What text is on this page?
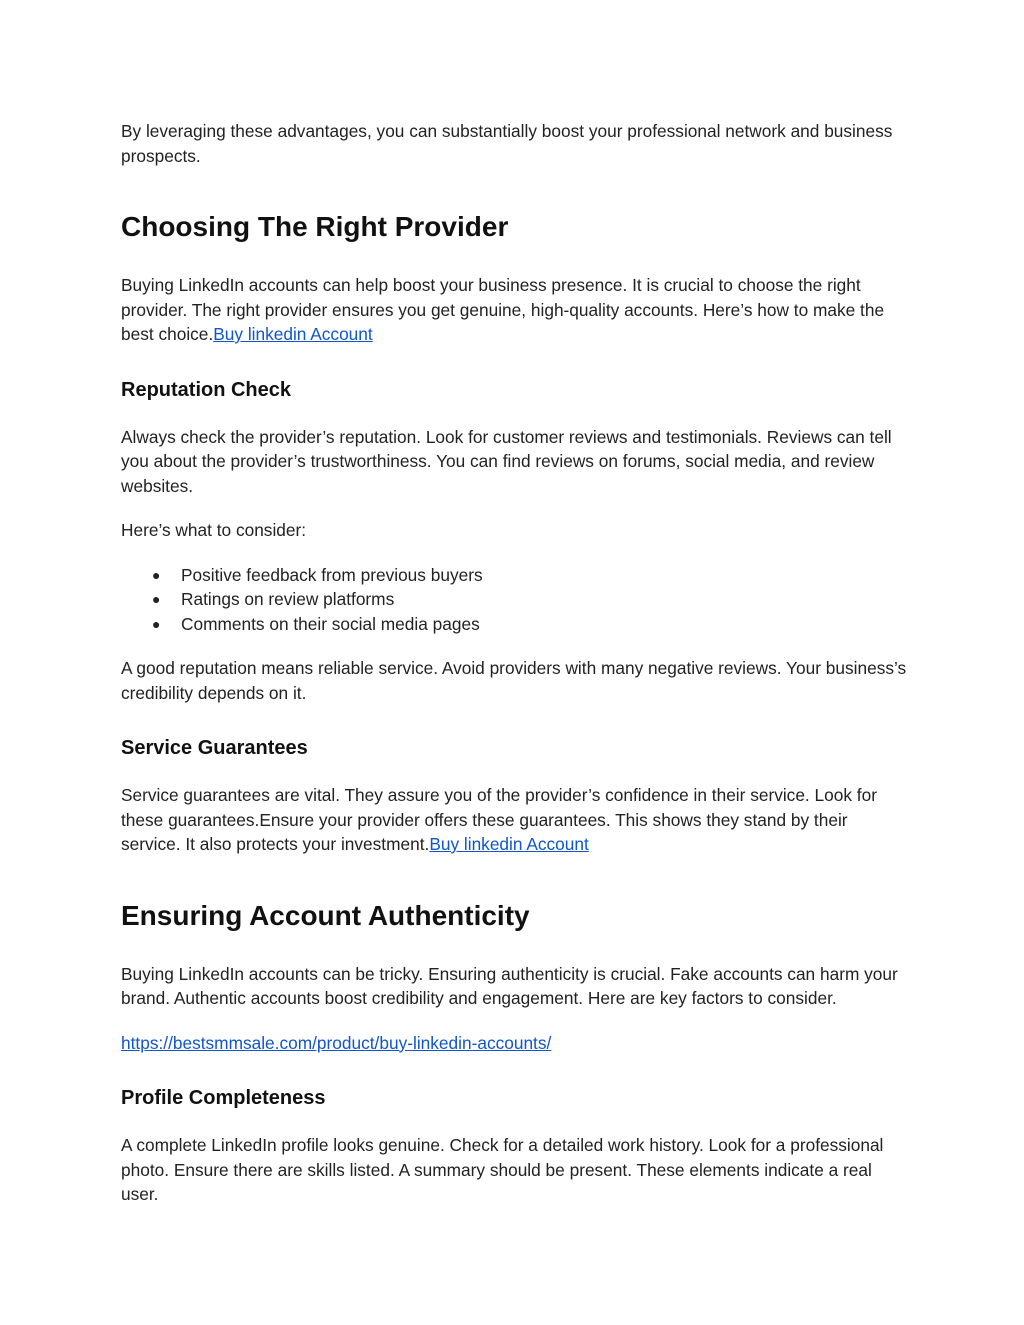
By leveraging these advantages, you can substantially boost your professional network and business prospects.

Choosing The Right Provider

Buying LinkedIn accounts can help boost your business presence. It is crucial to choose the right provider. The right provider ensures you get genuine, high-quality accounts. Here’s how to make the best choice.Buy linkedin Account

Reputation Check

Always check the provider’s reputation. Look for customer reviews and testimonials. Reviews can tell you about the provider’s trustworthiness. You can find reviews on forums, social media, and review websites.

Here’s what to consider:

● Positive feedback from previous buyers
● Ratings on review platforms
● Comments on their social media pages

A good reputation means reliable service. Avoid providers with many negative reviews. Your business’s credibility depends on it.

Service Guarantees

Service guarantees are vital. They assure you of the provider’s confidence in their service. Look for these guarantees.Ensure your provider offers these guarantees. This shows they stand by their service. It also protects your investment.Buy linkedin Account

Ensuring Account Authenticity

Buying LinkedIn accounts can be tricky. Ensuring authenticity is crucial. Fake accounts can harm your brand. Authentic accounts boost credibility and engagement. Here are key factors to consider.

https://bestsmmsale.com/product/buy-linkedin-accounts/

Profile Completeness

A complete LinkedIn profile looks genuine. Check for a detailed work history. Look for a professional photo. Ensure there are skills listed. A summary should be present. These elements indicate a real user.
